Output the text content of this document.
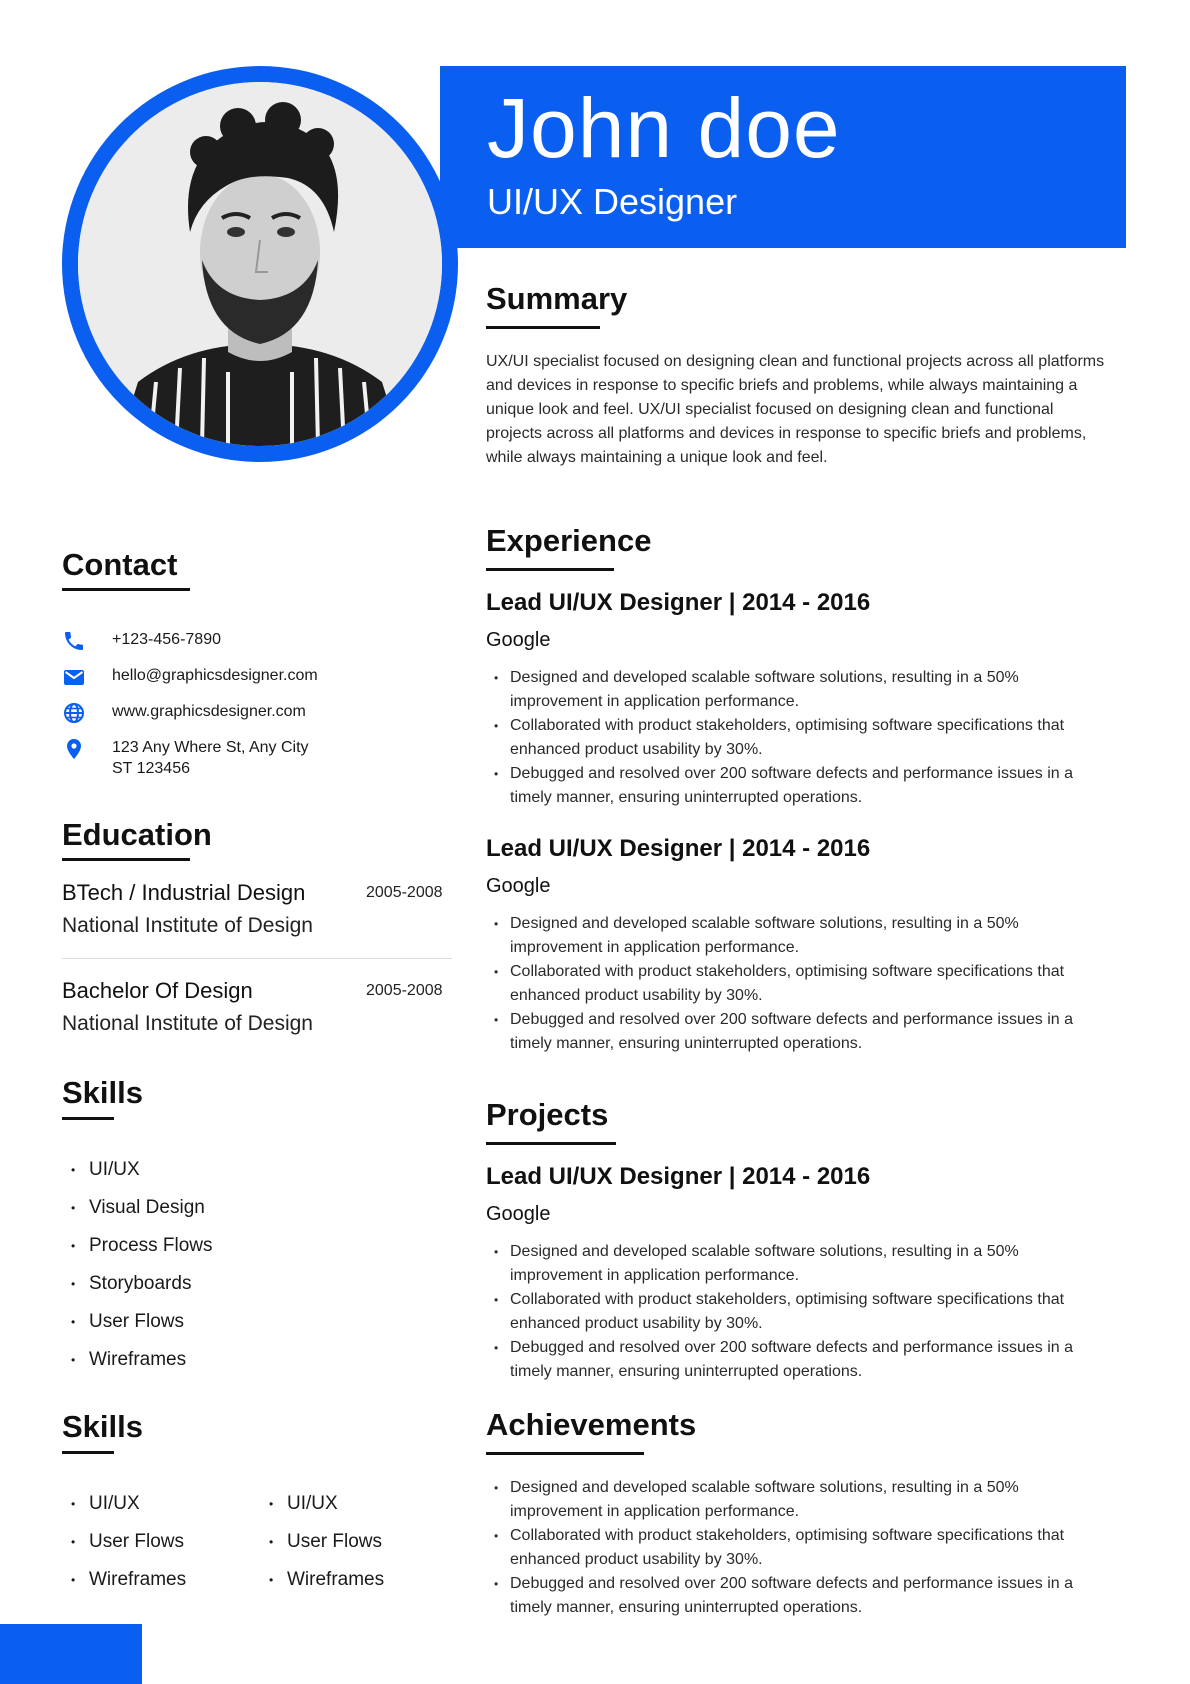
John doe
UI/UX Designer
Contact
+123-456-7890
hello@graphicsdesigner.com
www.graphicsdesigner.com
123 Any Where St, Any City
ST 123456
Education
BTech / Industrial Design	2005-2008
National Institute of Design
Bachelor Of Design	2005-2008
National Institute of Design
Skills
• UI/UX
• Visual Design
• Process Flows
• Storyboards
• User Flows
• Wireframes
Skills
• UI/UX
• User Flows
• Wireframes
• UI/UX
• User Flows
• Wireframes
Summary
UX/UI specialist focused on designing clean and functional projects across all platforms and devices in response to specific briefs and problems, while always maintaining a unique look and feel. UX/UI specialist focused on designing clean and functional projects across all platforms and devices in response to specific briefs and problems, while always maintaining a unique look and feel.
Experience
Lead UI/UX Designer | 2014 - 2016
Google
• Designed and developed scalable software solutions, resulting in a 50% improvement in application performance.
• Collaborated with product stakeholders, optimising software specifications that enhanced product usability by 30%.
• Debugged and resolved over 200 software defects and performance issues in a timely manner, ensuring uninterrupted operations.
Lead UI/UX Designer | 2014 - 2016
Google
• Designed and developed scalable software solutions, resulting in a 50% improvement in application performance.
• Collaborated with product stakeholders, optimising software specifications that enhanced product usability by 30%.
• Debugged and resolved over 200 software defects and performance issues in a timely manner, ensuring uninterrupted operations.
Projects
Lead UI/UX Designer | 2014 - 2016
Google
• Designed and developed scalable software solutions, resulting in a 50% improvement in application performance.
• Collaborated with product stakeholders, optimising software specifications that enhanced product usability by 30%.
• Debugged and resolved over 200 software defects and performance issues in a timely manner, ensuring uninterrupted operations.
Achievements
• Designed and developed scalable software solutions, resulting in a 50% improvement in application performance.
• Collaborated with product stakeholders, optimising software specifications that enhanced product usability by 30%.
• Debugged and resolved over 200 software defects and performance issues in a timely manner, ensuring uninterrupted operations.
